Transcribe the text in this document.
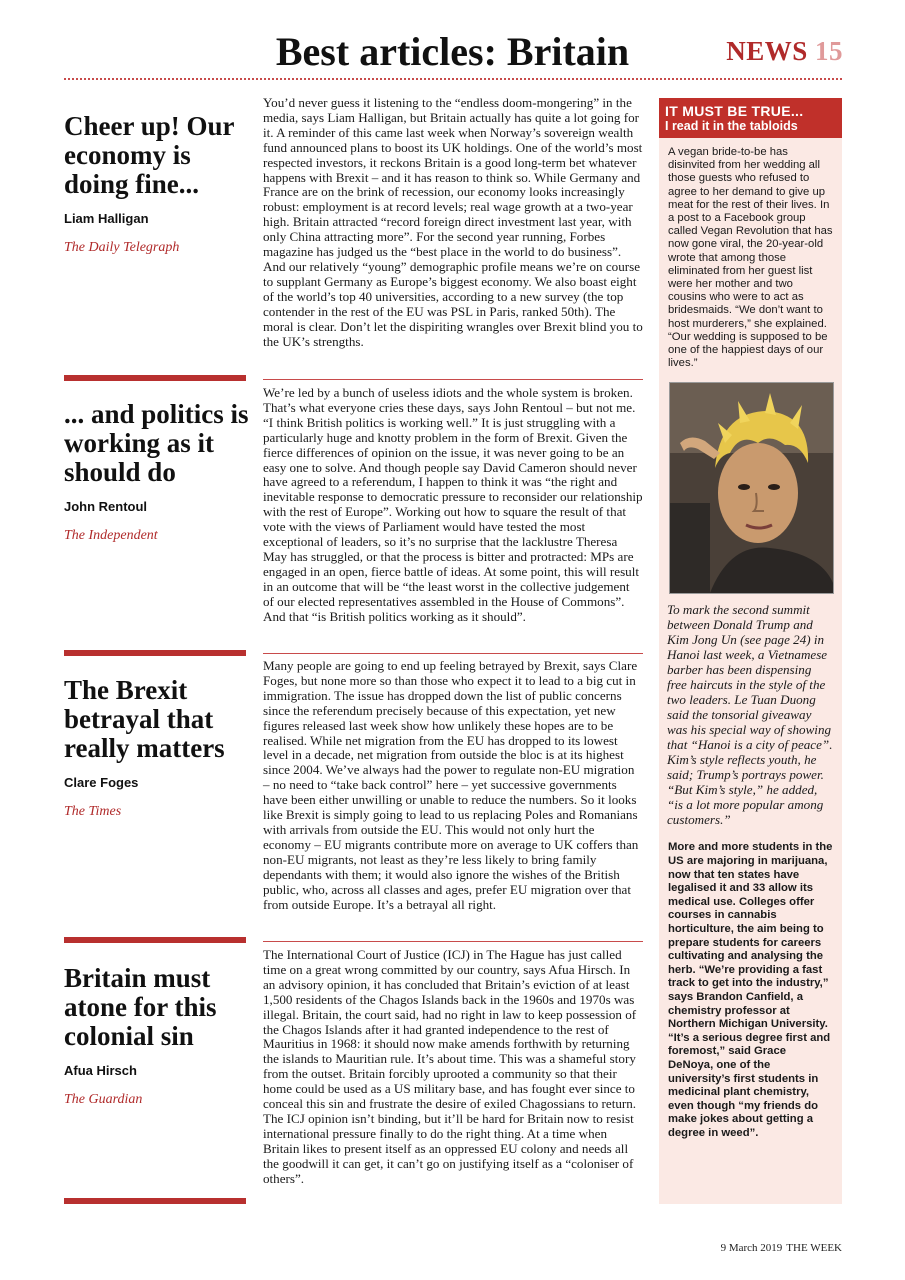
Best articles: Britain	NEWS 15
Cheer up! Our economy is doing fine...
Liam Halligan
The Daily Telegraph

You’d never guess it listening to the “endless doom-mongering” in the media, says Liam Halligan, but Britain actually has quite a lot going for it. A reminder of this came last week when Norway’s sovereign wealth fund announced plans to boost its UK holdings. One of the world’s most respected investors, it reckons Britain is a good long-term bet whatever happens with Brexit – and it has reason to think so. While Germany and France are on the brink of recession, our economy looks increasingly robust: employment is at record levels; real wage growth at a two-year high. Britain attracted “record foreign direct investment last year, with only China attracting more”. For the second year running, Forbes magazine has judged us the “best place in the world to do business”. And our relatively “young” demographic profile means we’re on course to supplant Germany as Europe’s biggest economy. We also boast eight of the world’s top 40 universities, according to a new survey (the top contender in the rest of the EU was PSL in Paris, ranked 50th). The moral is clear. Don’t let the dispiriting wrangles over Brexit blind you to the UK’s strengths.

... and politics is working as it should do
John Rentoul
The Independent

We’re led by a bunch of useless idiots and the whole system is broken. That’s what everyone cries these days, says John Rentoul – but not me. “I think British politics is working well.” It is just struggling with a particularly huge and knotty problem in the form of Brexit. Given the fierce differences of opinion on the issue, it was never going to be an easy one to solve. And though people say David Cameron should never have agreed to a referendum, I happen to think it was “the right and inevitable response to democratic pressure to reconsider our relationship with the rest of Europe”. Working out how to square the result of that vote with the views of Parliament would have tested the most exceptional of leaders, so it’s no surprise that the lacklustre Theresa May has struggled, or that the process is bitter and protracted: MPs are engaged in an open, fierce battle of ideas. At some point, this will result in an outcome that will be “the least worst in the collective judgement of our elected representatives assembled in the House of Commons”. And that “is British politics working as it should”.

The Brexit betrayal that really matters
Clare Foges
The Times

Many people are going to end up feeling betrayed by Brexit, says Clare Foges, but none more so than those who expect it to lead to a big cut in immigration. The issue has dropped down the list of public concerns since the referendum precisely because of this expectation, yet new figures released last week show how unlikely these hopes are to be realised. While net migration from the EU has dropped to its lowest level in a decade, net migration from outside the bloc is at its highest since 2004. We’ve always had the power to regulate non-EU migration – no need to “take back control” here – yet successive governments have been either unwilling or unable to reduce the numbers. So it looks like Brexit is simply going to lead to us replacing Poles and Romanians with arrivals from outside the EU. This would not only hurt the economy – EU migrants contribute more on average to UK coffers than non-EU migrants, not least as they’re less likely to bring family dependants with them; it would also ignore the wishes of the British public, who, across all classes and ages, prefer EU migration over that from outside Europe. It’s a betrayal all right.

Britain must atone for this colonial sin
Afua Hirsch
The Guardian

The International Court of Justice (ICJ) in The Hague has just called time on a great wrong committed by our country, says Afua Hirsch. In an advisory opinion, it has concluded that Britain’s eviction of at least 1,500 residents of the Chagos Islands back in the 1960s and 1970s was illegal. Britain, the court said, had no right in law to keep possession of the Chagos Islands after it had granted independence to the rest of Mauritius in 1968: it should now make amends forthwith by returning the islands to Mauritian rule. It’s about time. This was a shameful story from the outset. Britain forcibly uprooted a community so that their home could be used as a US military base, and has fought ever since to conceal this sin and frustrate the desire of exiled Chagossians to return. The ICJ opinion isn’t binding, but it’ll be hard for Britain now to resist international pressure finally to do the right thing. At a time when Britain likes to present itself as an oppressed EU colony and needs all the goodwill it can get, it can’t go on justifying itself as a “coloniser of others”.

IT MUST BE TRUE...
I read it in the tabloids

A vegan bride-to-be has disinvited from her wedding all those guests who refused to agree to her demand to give up meat for the rest of their lives. In a post to a Facebook group called Vegan Revolution that has now gone viral, the 20-year-old wrote that among those eliminated from her guest list were her mother and two cousins who were to act as bridesmaids. “We don’t want to host murderers,” she explained. “Our wedding is supposed to be one of the happiest days of our lives.”

To mark the second summit between Donald Trump and Kim Jong Un (see page 24) in Hanoi last week, a Vietnamese barber has been dispensing free haircuts in the style of the two leaders. Le Tuan Duong said the tonsorial giveaway was his special way of showing that “Hanoi is a city of peace”. Kim’s style reflects youth, he said; Trump’s portrays power. “But Kim’s style,” he added, “is a lot more popular among customers.”

More and more students in the US are majoring in marijuana, now that ten states have legalised it and 33 allow its medical use. Colleges offer courses in cannabis horticulture, the aim being to prepare students for careers cultivating and analysing the herb. “We’re providing a fast track to get into the industry,” says Brandon Canfield, a chemistry professor at Northern Michigan University. “It’s a serious degree first and foremost,” said Grace DeNoya, one of the university’s first students in medicinal plant chemistry, even though “my friends do make jokes about getting a degree in weed”.

9 March 2019 THE WEEK
